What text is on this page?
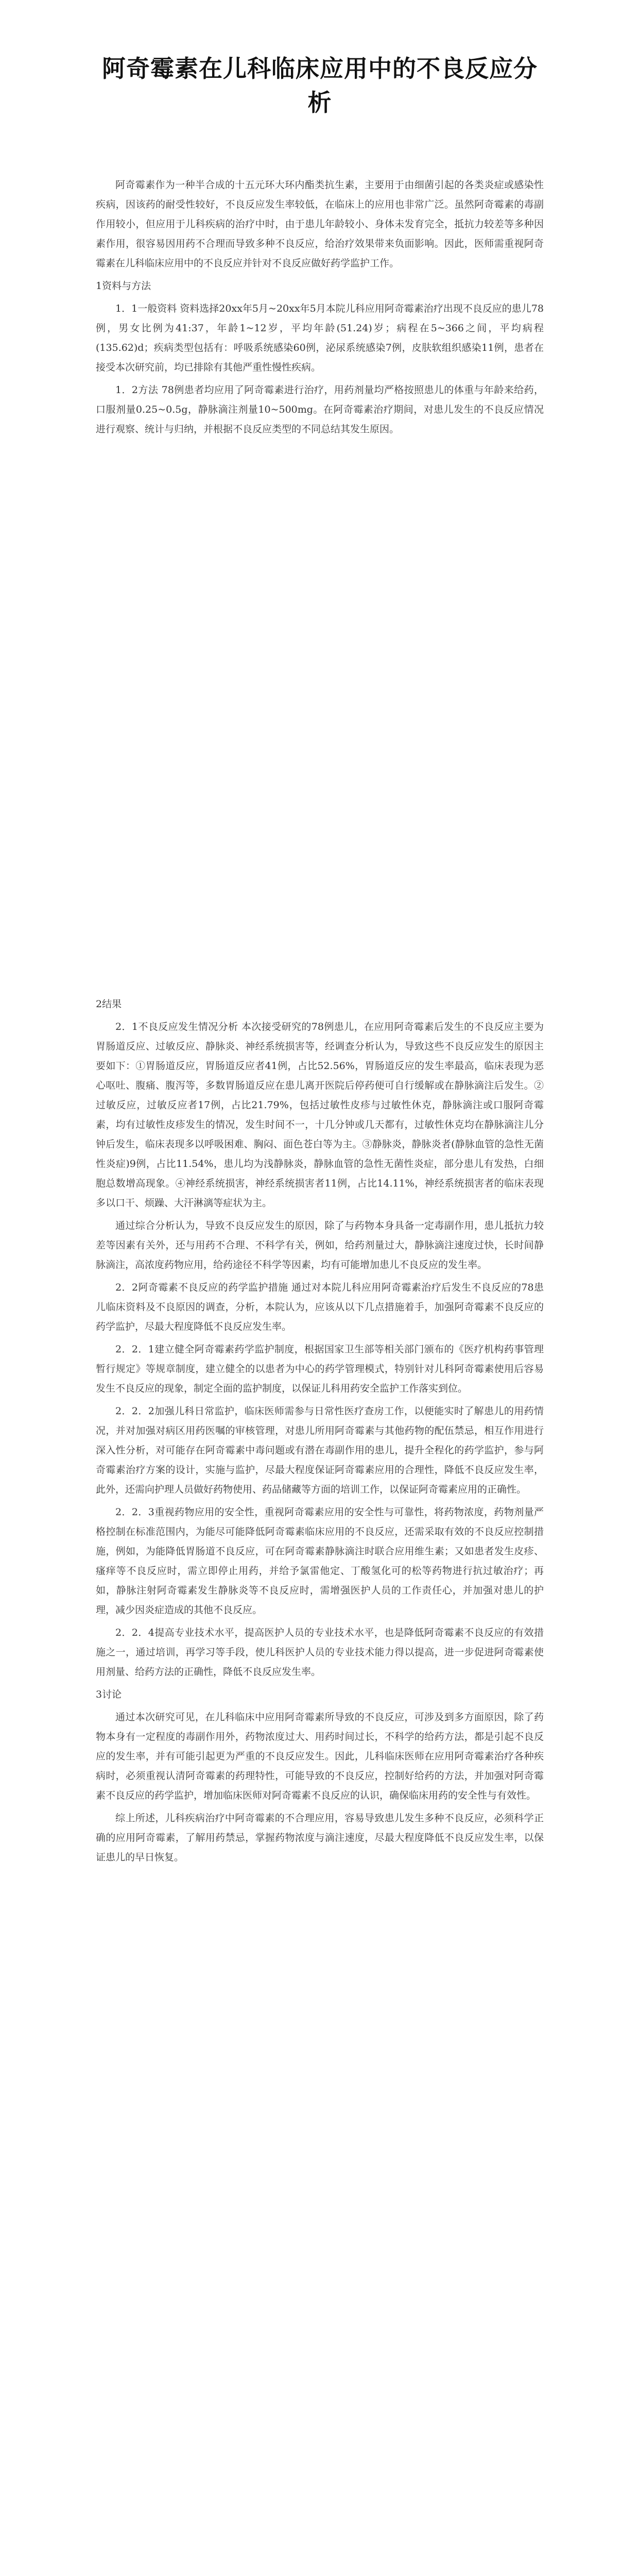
阿奇霉素在儿科临床应用中的不良反应分析

阿奇霉素作为一种半合成的十五元环大环内酯类抗生素，主要用于由细菌引起的各类炎症或感染性疾病，因该药的耐受性较好，不良反应发生率较低，在临床上的应用也非常广泛。虽然阿奇霉素的毒副作用较小，但应用于儿科疾病的治疗中时，由于患儿年龄较小、身体未发育完全，抵抗力较差等多种因素作用，很容易因用药不合理而导致多种不良反应，给治疗效果带来负面影响。因此，医师需重视阿奇霉素在儿科临床应用中的不良反应并针对不良反应做好药学监护工作。

1资料与方法

1．1一般资料 资料选择20xx年5月~20xx年5月本院儿科应用阿奇霉素治疗出现不良反应的患儿78例，男女比例为41:37，年龄1~12岁，平均年龄(51.24)岁；病程在5~366之间，平均病程(135.62)d；疾病类型包括有：呼吸系统感染60例，泌尿系统感染7例，皮肤软组织感染11例，患者在接受本次研究前，均已排除有其他严重性慢性疾病。

1．2方法 78例患者均应用了阿奇霉素进行治疗，用药剂量均严格按照患儿的体重与年龄来给药，口服剂量0.25~0.5g，静脉滴注剂量10~500mg。在阿奇霉素治疗期间，对患儿发生的不良反应情况进行观察、统计与归纳，并根据不良反应类型的不同总结其发生原因。

2结果

2．1不良反应发生情况分析 本次接受研究的78例患儿，在应用阿奇霉素后发生的不良反应主要为胃肠道反应、过敏反应、静脉炎、神经系统损害等，经调查分析认为，导致这些不良反应发生的原因主要如下：①胃肠道反应，胃肠道反应者41例，占比52.56%，胃肠道反应的发生率最高，临床表现为恶心呕吐、腹痛、腹泻等，多数胃肠道反应在患儿离开医院后停药便可自行缓解或在静脉滴注后发生。②过敏反应，过敏反应者17例，占比21.79%，包括过敏性皮疹与过敏性休克，静脉滴注或口服阿奇霉素，均有过敏性皮疹发生的情况，发生时间不一，十几分钟或几天都有，过敏性休克均在静脉滴注儿分钟后发生，临床表现多以呼吸困难、胸闷、面色苍白等为主。③静脉炎，静脉炎者(静脉血管的急性无菌性炎症)9例，占比11.54%，患儿均为浅静脉炎，静脉血管的急性无菌性炎症，部分患儿有发热，白细胞总数增高现象。④神经系统损害，神经系统损害者11例，占比14.11%，神经系统损害者的临床表现多以口干、烦躁、大汗淋漓等症状为主。

通过综合分析认为，导致不良反应发生的原因，除了与药物本身具备一定毒副作用，患儿抵抗力较差等因素有关外，还与用药不合理、不科学有关，例如，给药剂量过大，静脉滴注速度过快，长时间静脉滴注，高浓度药物应用，给药途径不科学等因素，均有可能增加患儿不良反应的发生率。

2．2阿奇霉素不良反应的药学监护措施 通过对本院儿科应用阿奇霉素治疗后发生不良反应的78患儿临床资料及不良原因的调查，分析，本院认为，应该从以下几点措施着手，加强阿奇霉素不良反应的药学监护，尽最大程度降低不良反应发生率。

2．2．1建立健全阿奇霉素药学监护制度，根据国家卫生部等相关部门颁布的《医疗机构药事管理暂行规定》等规章制度，建立健全的以患者为中心的药学管理模式，特别针对儿科阿奇霉素使用后容易发生不良反应的现象，制定全面的监护制度，以保证儿科用药安全监护工作落实到位。

2．2．2加强儿科日常监护，临床医师需参与日常性医疗查房工作，以便能实时了解患儿的用药情况，并对加强对病区用药医嘱的审核管理，对患儿所用阿奇霉素与其他药物的配伍禁忌，相互作用进行深入性分析，对可能存在阿奇霉素中毒问题或有潜在毒副作用的患儿，提升全程化的药学监护，参与阿奇霉素治疗方案的设计，实施与监护，尽最大程度保证阿奇霉素应用的合理性，降低不良反应发生率，此外，还需向护理人员做好药物使用、药品储藏等方面的培训工作，以保证阿奇霉素应用的正确性。

2．2．3重视药物应用的安全性，重视阿奇霉素应用的安全性与可靠性，将药物浓度，药物剂量严格控制在标准范围内，为能尽可能降低阿奇霉素临床应用的不良反应，还需采取有效的不良反应控制措施，例如，为能降低胃肠道不良反应，可在阿奇霉素静脉滴注时联合应用维生素；又如患者发生皮疹、瘙痒等不良反应时，需立即停止用药，并给予氯雷他定、丁酸氢化可的松等药物进行抗过敏治疗；再如，静脉注射阿奇霉素发生静脉炎等不良反应时，需增强医护人员的工作责任心，并加强对患儿的护理，减少因炎症造成的其他不良反应。

2．2．4提高专业技术水平，提高医护人员的专业技术水平，也是降低阿奇霉素不良反应的有效措施之一，通过培训，再学习等手段，使儿科医护人员的专业技术能力得以提高，进一步促进阿奇霉素使用剂量、给药方法的正确性，降低不良反应发生率。

3讨论

通过本次研究可见，在儿科临床中应用阿奇霉素所导致的不良反应，可涉及到多方面原因，除了药物本身有一定程度的毒副作用外，药物浓度过大、用药时间过长，不科学的给药方法，都是引起不良反应的发生率，并有可能引起更为严重的不良反应发生。因此，儿科临床医师在应用阿奇霉素治疗各种疾病时，必须重视认清阿奇霉素的药理特性，可能导致的不良反应，控制好给药的方法，并加强对阿奇霉素不良反应的药学监护，增加临床医师对阿奇霉素不良反应的认识，确保临床用药的安全性与有效性。

综上所述，儿科疾病治疗中阿奇霉素的不合理应用，容易导致患儿发生多种不良反应，必须科学正确的应用阿奇霉素，了解用药禁忌，掌握药物浓度与滴注速度，尽最大程度降低不良反应发生率，以保证患儿的早日恢复。
